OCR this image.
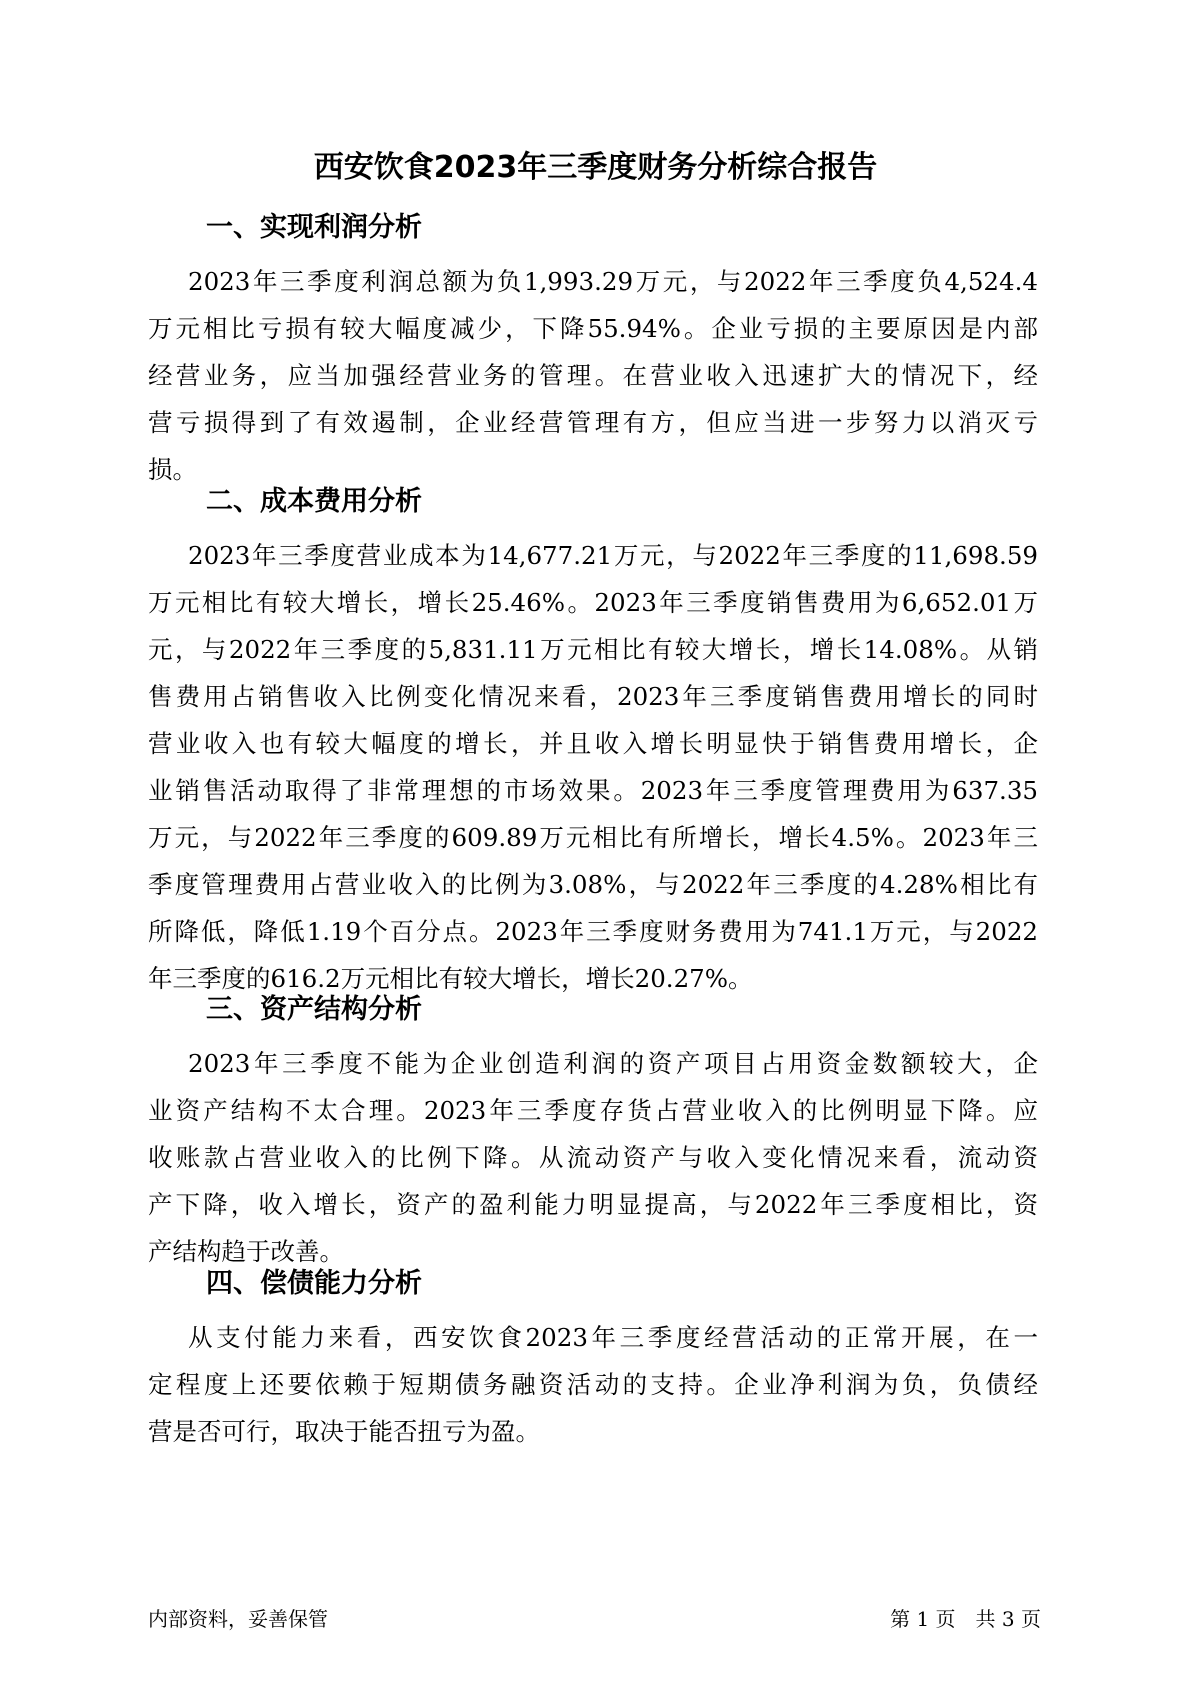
西安饮食2023年三季度财务分析综合报告
一、实现利润分析
2023年三季度利润总额为负1,993.29万元，与2022年三季度负4,524.4
万元相比亏损有较大幅度减少，下降55.94%。企业亏损的主要原因是内部
经营业务，应当加强经营业务的管理。在营业收入迅速扩大的情况下，经
营亏损得到了有效遏制，企业经营管理有方，但应当进一步努力以消灭亏
损。
二、成本费用分析
2023年三季度营业成本为14,677.21万元，与2022年三季度的11,698.59
万元相比有较大增长，增长25.46%。2023年三季度销售费用为6,652.01万
元，与2022年三季度的5,831.11万元相比有较大增长，增长14.08%。从销
售费用占销售收入比例变化情况来看，2023年三季度销售费用增长的同时
营业收入也有较大幅度的增长，并且收入增长明显快于销售费用增长，企
业销售活动取得了非常理想的市场效果。2023年三季度管理费用为637.35
万元，与2022年三季度的609.89万元相比有所增长，增长4.5%。2023年三
季度管理费用占营业收入的比例为3.08%，与2022年三季度的4.28%相比有
所降低，降低1.19个百分点。2023年三季度财务费用为741.1万元，与2022
年三季度的616.2万元相比有较大增长，增长20.27%。
三、资产结构分析
2023年三季度不能为企业创造利润的资产项目占用资金数额较大，企
业资产结构不太合理。2023年三季度存货占营业收入的比例明显下降。应
收账款占营业收入的比例下降。从流动资产与收入变化情况来看，流动资
产下降，收入增长，资产的盈利能力明显提高，与2022年三季度相比，资
产结构趋于改善。
四、偿债能力分析
从支付能力来看，西安饮食2023年三季度经营活动的正常开展，在一
定程度上还要依赖于短期债务融资活动的支持。企业净利润为负，负债经
营是否可行，取决于能否扭亏为盈。
内部资料，妥善保管	第 1 页　共 3 页
